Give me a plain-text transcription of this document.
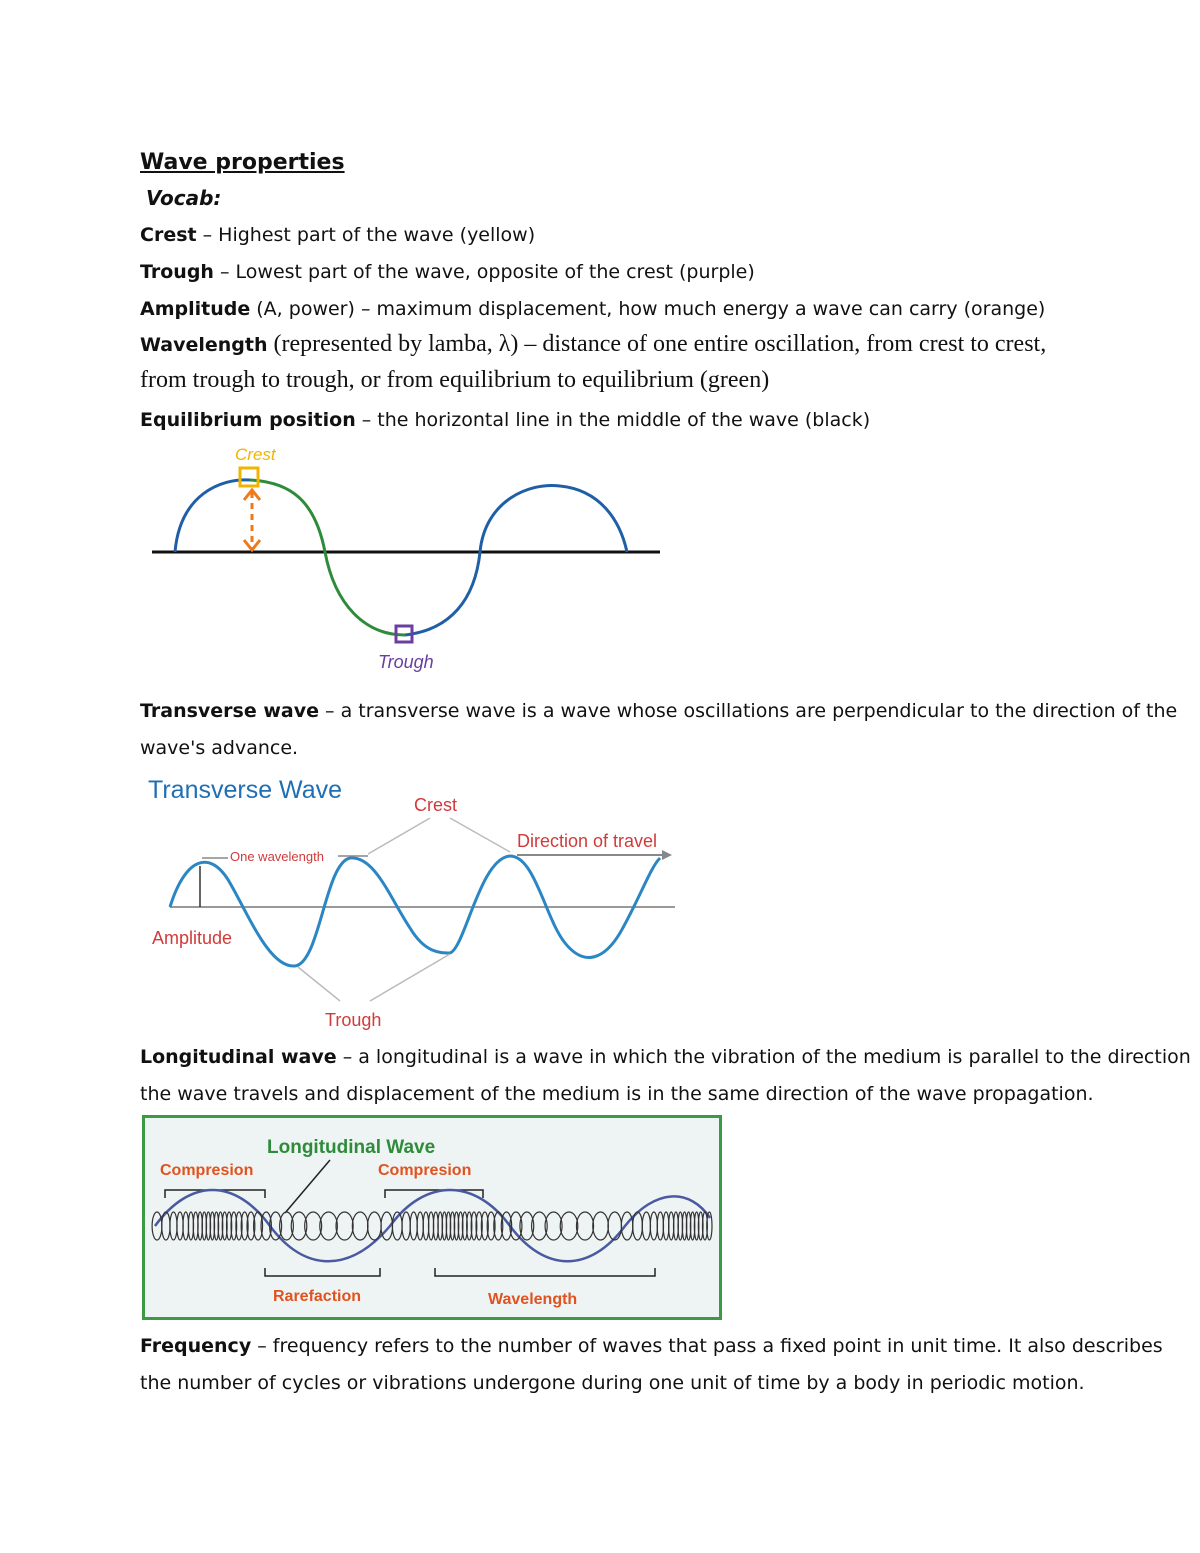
Wave properties
Vocab:
Crest – Highest part of the wave (yellow)
Trough – Lowest part of the wave, opposite of the crest (purple)
Amplitude (A, power) – maximum displacement, how much energy a wave can carry (orange)
Wavelength (represented by lamba, λ) – distance of one entire oscillation, from crest to crest,
from trough to trough, or from equilibrium to equilibrium (green)
Equilibrium position – the horizontal line in the middle of the wave (black)
Crest
Trough
Transverse wave – a transverse wave is a wave whose oscillations are perpendicular to the direction of the
wave's advance.
Transverse Wave
Crest
Direction of travel
One wavelength
Amplitude
Trough
Longitudinal wave – a longitudinal is a wave in which the vibration of the medium is parallel to the direction
the wave travels and displacement of the medium is in the same direction of the wave propagation.
Longitudinal Wave
Compresion	Compresion
Rarefaction	Wavelength
Frequency – frequency refers to the number of waves that pass a fixed point in unit time. It also describes
the number of cycles or vibrations undergone during one unit of time by a body in periodic motion.
